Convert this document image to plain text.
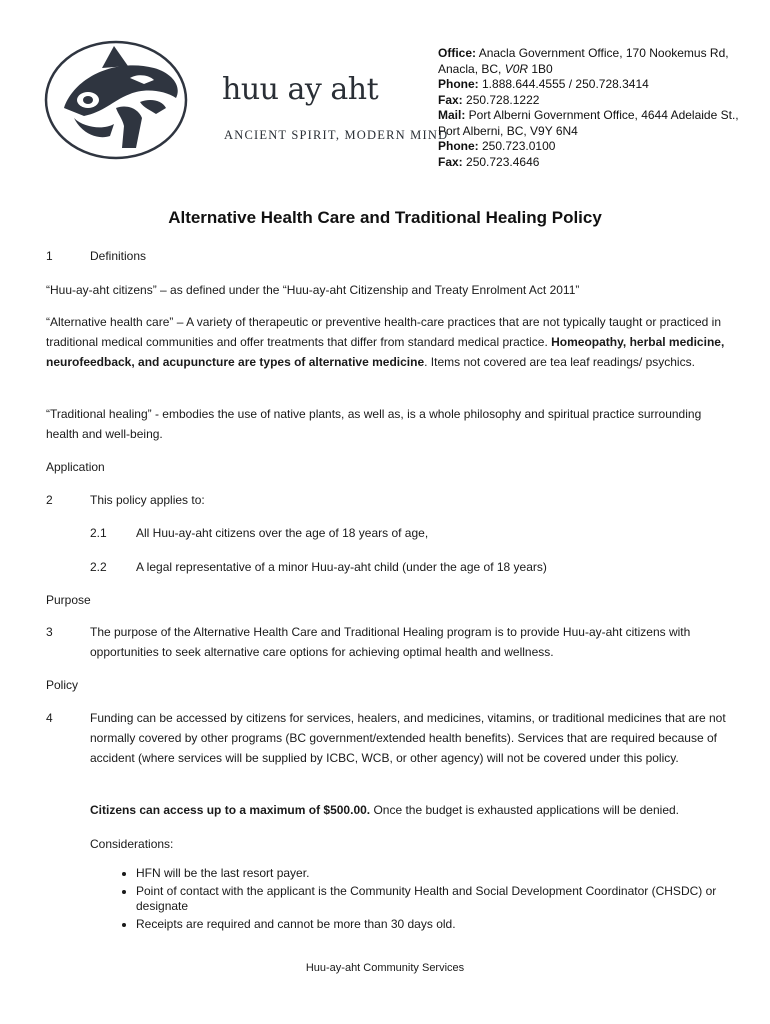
huu ay aht
ANCIENT SPIRIT, MODERN MIND
Office: Anacla Government Office, 170 Nookemus Rd,
Anacla, BC, V0R 1B0
Phone: 1.888.644.4555 / 250.728.3414
Fax: 250.728.1222
Mail: Port Alberni Government Office, 4644 Adelaide St.,
Port Alberni, BC, V9Y 6N4
Phone: 250.723.0100
Fax: 250.723.4646
Alternative Health Care and Traditional Healing Policy
1	Definitions
“Huu-ay-aht citizens” – as defined under the “Huu-ay-aht Citizenship and Treaty Enrolment Act 2011”
“Alternative health care” – A variety of therapeutic or preventive health-care practices that are not typically taught or practiced in traditional medical communities and offer treatments that differ from standard medical practice. Homeopathy, herbal medicine, neurofeedback, and acupuncture are types of alternative medicine. Items not covered are tea leaf readings/ psychics.
“Traditional healing” - embodies the use of native plants, as well as, is a whole philosophy and spiritual practice surrounding health and well-being.
Application
2	This policy applies to:
2.1 All Huu-ay-aht citizens over the age of 18 years of age,
2.2 A legal representative of a minor Huu-ay-aht child (under the age of 18 years)
Purpose
3	The purpose of the Alternative Health Care and Traditional Healing program is to provide Huu-ay-aht citizens with opportunities to seek alternative care options for achieving optimal health and wellness.
Policy
4	Funding can be accessed by citizens for services, healers, and medicines, vitamins, or traditional medicines that are not normally covered by other programs (BC government/extended health benefits). Services that are required because of accident (where services will be supplied by ICBC, WCB, or other agency) will not be covered under this policy.
Citizens can access up to a maximum of $500.00. Once the budget is exhausted applications will be denied.
Considerations:
• HFN will be the last resort payer.
• Point of contact with the applicant is the Community Health and Social Development Coordinator (CHSDC) or designate
• Receipts are required and cannot be more than 30 days old.
Huu-ay-aht Community Services
